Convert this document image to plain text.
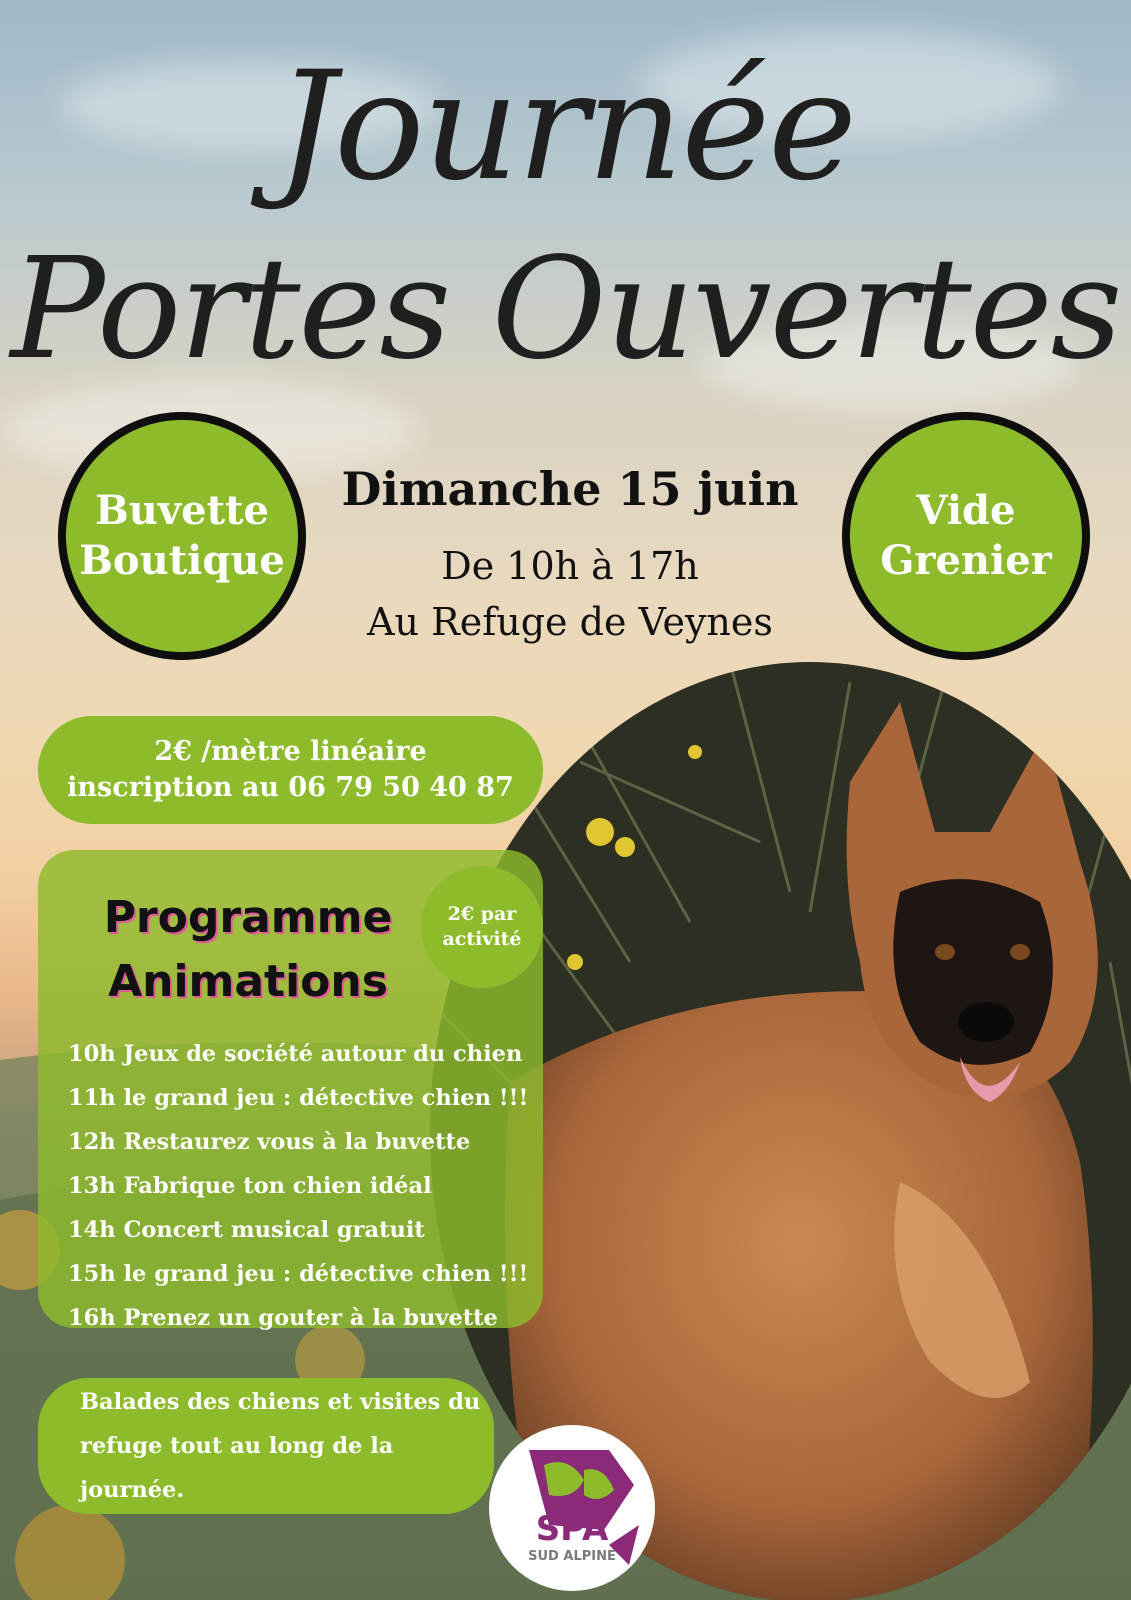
Journée
Portes Ouvertes
Buvette
Boutique
Vide
Grenier
Dimanche 15 juin
De 10h à 17h
Au Refuge de Veynes
2€ /mètre linéaire
inscription au 06 79 50 40 87
Programme
Animations
2€ par
activité
10h Jeux de société autour du chien
11h le grand jeu : détective chien !!!
12h Restaurez vous à la buvette
13h Fabrique ton chien idéal
14h Concert musical gratuit
15h le grand jeu : détective chien !!!
16h Prenez un gouter à la buvette
Balades des chiens et visites du
refuge tout au long de la journée.
SPA
SUD ALPINE
